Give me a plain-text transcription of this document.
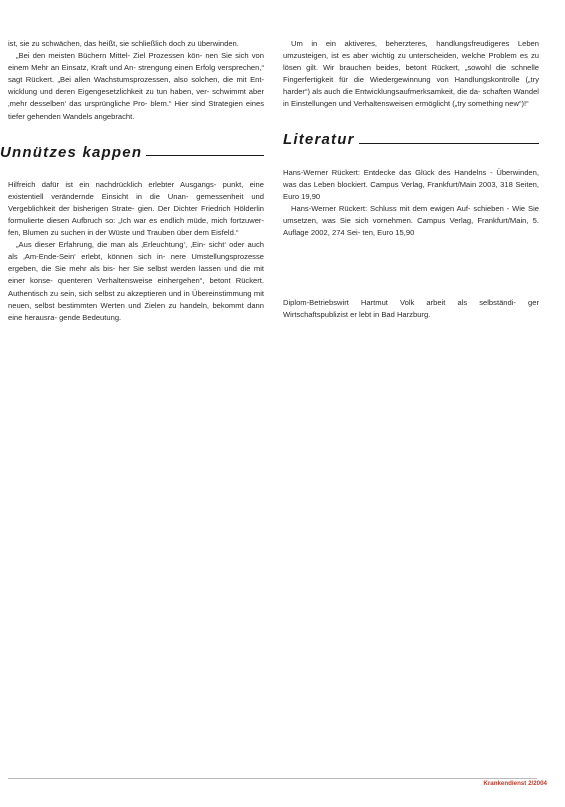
ist, sie zu schwächen, das heißt, sie schließlich doch zu überwinden.

„Bei den meisten Büchern Mittel- Ziel Prozessen kön- nen Sie sich von einem Mehr an Einsatz, Kraft und An- strengung einen Erfolg versprechen,“ sagt Rückert. „Bei allen Wachstumsprozessen, also solchen, die mit Ent- wicklung und deren Eigengesetzlichkeit zu tun haben, ver- schwimmt aber ‚mehr desselben‘ das ursprüngliche Pro- blem.“ Hier sind Strategien eines tiefer gehenden Wandels angebracht.

Unnützes kappen

Hilfreich dafür ist ein nachdrücklich erlebter Ausgangs- punkt, eine existentiell verändernde Einsicht in die Unan- gemessenheit und Vergeblichkeit der bisherigen Strate- gien. Der Dichter Friedrich Hölderlin formulierte diesen Aufbruch so: „Ich war es endlich müde, mich fortzuwer- fen, Blumen zu suchen in der Wüste und Trauben über dem Eisfeld.“

„Aus dieser Erfahrung, die man als ‚Erleuchtung‘, ‚Ein- sicht‘ oder auch als ‚Am-Ende-Sein‘ erlebt, können sich in- nere Umstellungsprozesse ergeben, die Sie mehr als bis- her Sie selbst werden lassen und die mit einer konse- quenteren Verhaltensweise einhergehen“, betont Rückert. Authentisch zu sein, sich selbst zu akzeptieren und in Übereinstimmung mit neuen, selbst bestimmten Werten und Zielen zu handeln, bekommt dann eine herausra- gende Bedeutung.

Um in ein aktiveres, beherzteres, handlungsfreudigeres Leben umzusteigen, ist es aber wichtig zu unterscheiden, welche Problem es zu lösen gilt. Wir brauchen beides, betont Rückert, „sowohl die schnelle Fingerfertigkeit für die Wiedergewinnung von Handlungskontrolle („try harder“) als auch die Entwicklungsaufmerksamkeit, die da- schaften Wandel in Einstellungen und Verhaltensweisen ermöglicht („try something new“)!“

Literatur

Hans-Werner Rückert: Entdecke das Glück des Handelns - Überwinden, was das Leben blockiert. Campus Verlag, Frankfurt/Main 2003, 318 Seiten, Euro 19,90

Hans-Werner Rückert: Schluss mit dem ewigen Auf- schieben - Wie Sie umsetzen, was Sie sich vornehmen. Campus Verlag, Frankfurt/Main, 5. Auflage 2002, 274 Sei- ten, Euro 15,90

Diplom-Betriebswirt Hartmut Volk arbeit als selbständi- ger Wirtschaftspublizist er lebt in Bad Harzburg.

Krankendienst 2/2004
